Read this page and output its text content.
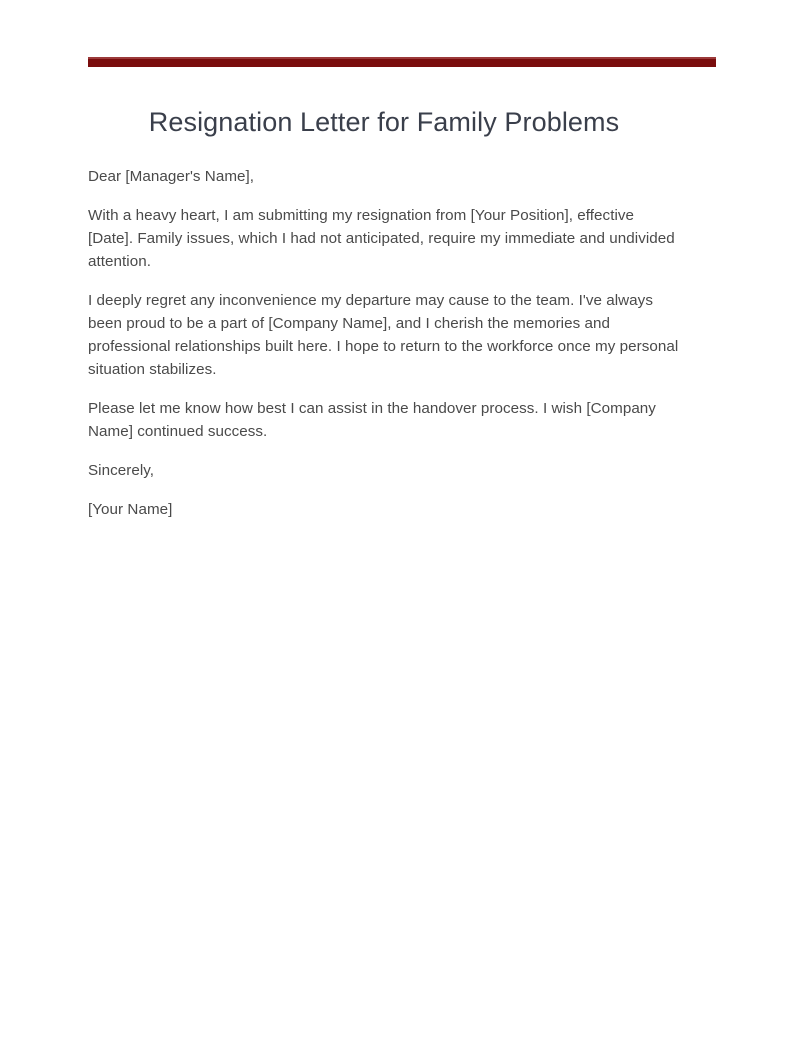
Resignation Letter for Family Problems

Dear [Manager's Name],

With a heavy heart, I am submitting my resignation from [Your Position], effective [Date]. Family issues, which I had not anticipated, require my immediate and undivided attention.

I deeply regret any inconvenience my departure may cause to the team. I've always been proud to be a part of [Company Name], and I cherish the memories and professional relationships built here. I hope to return to the workforce once my personal situation stabilizes.

Please let me know how best I can assist in the handover process. I wish [Company Name] continued success.

Sincerely,

[Your Name]
